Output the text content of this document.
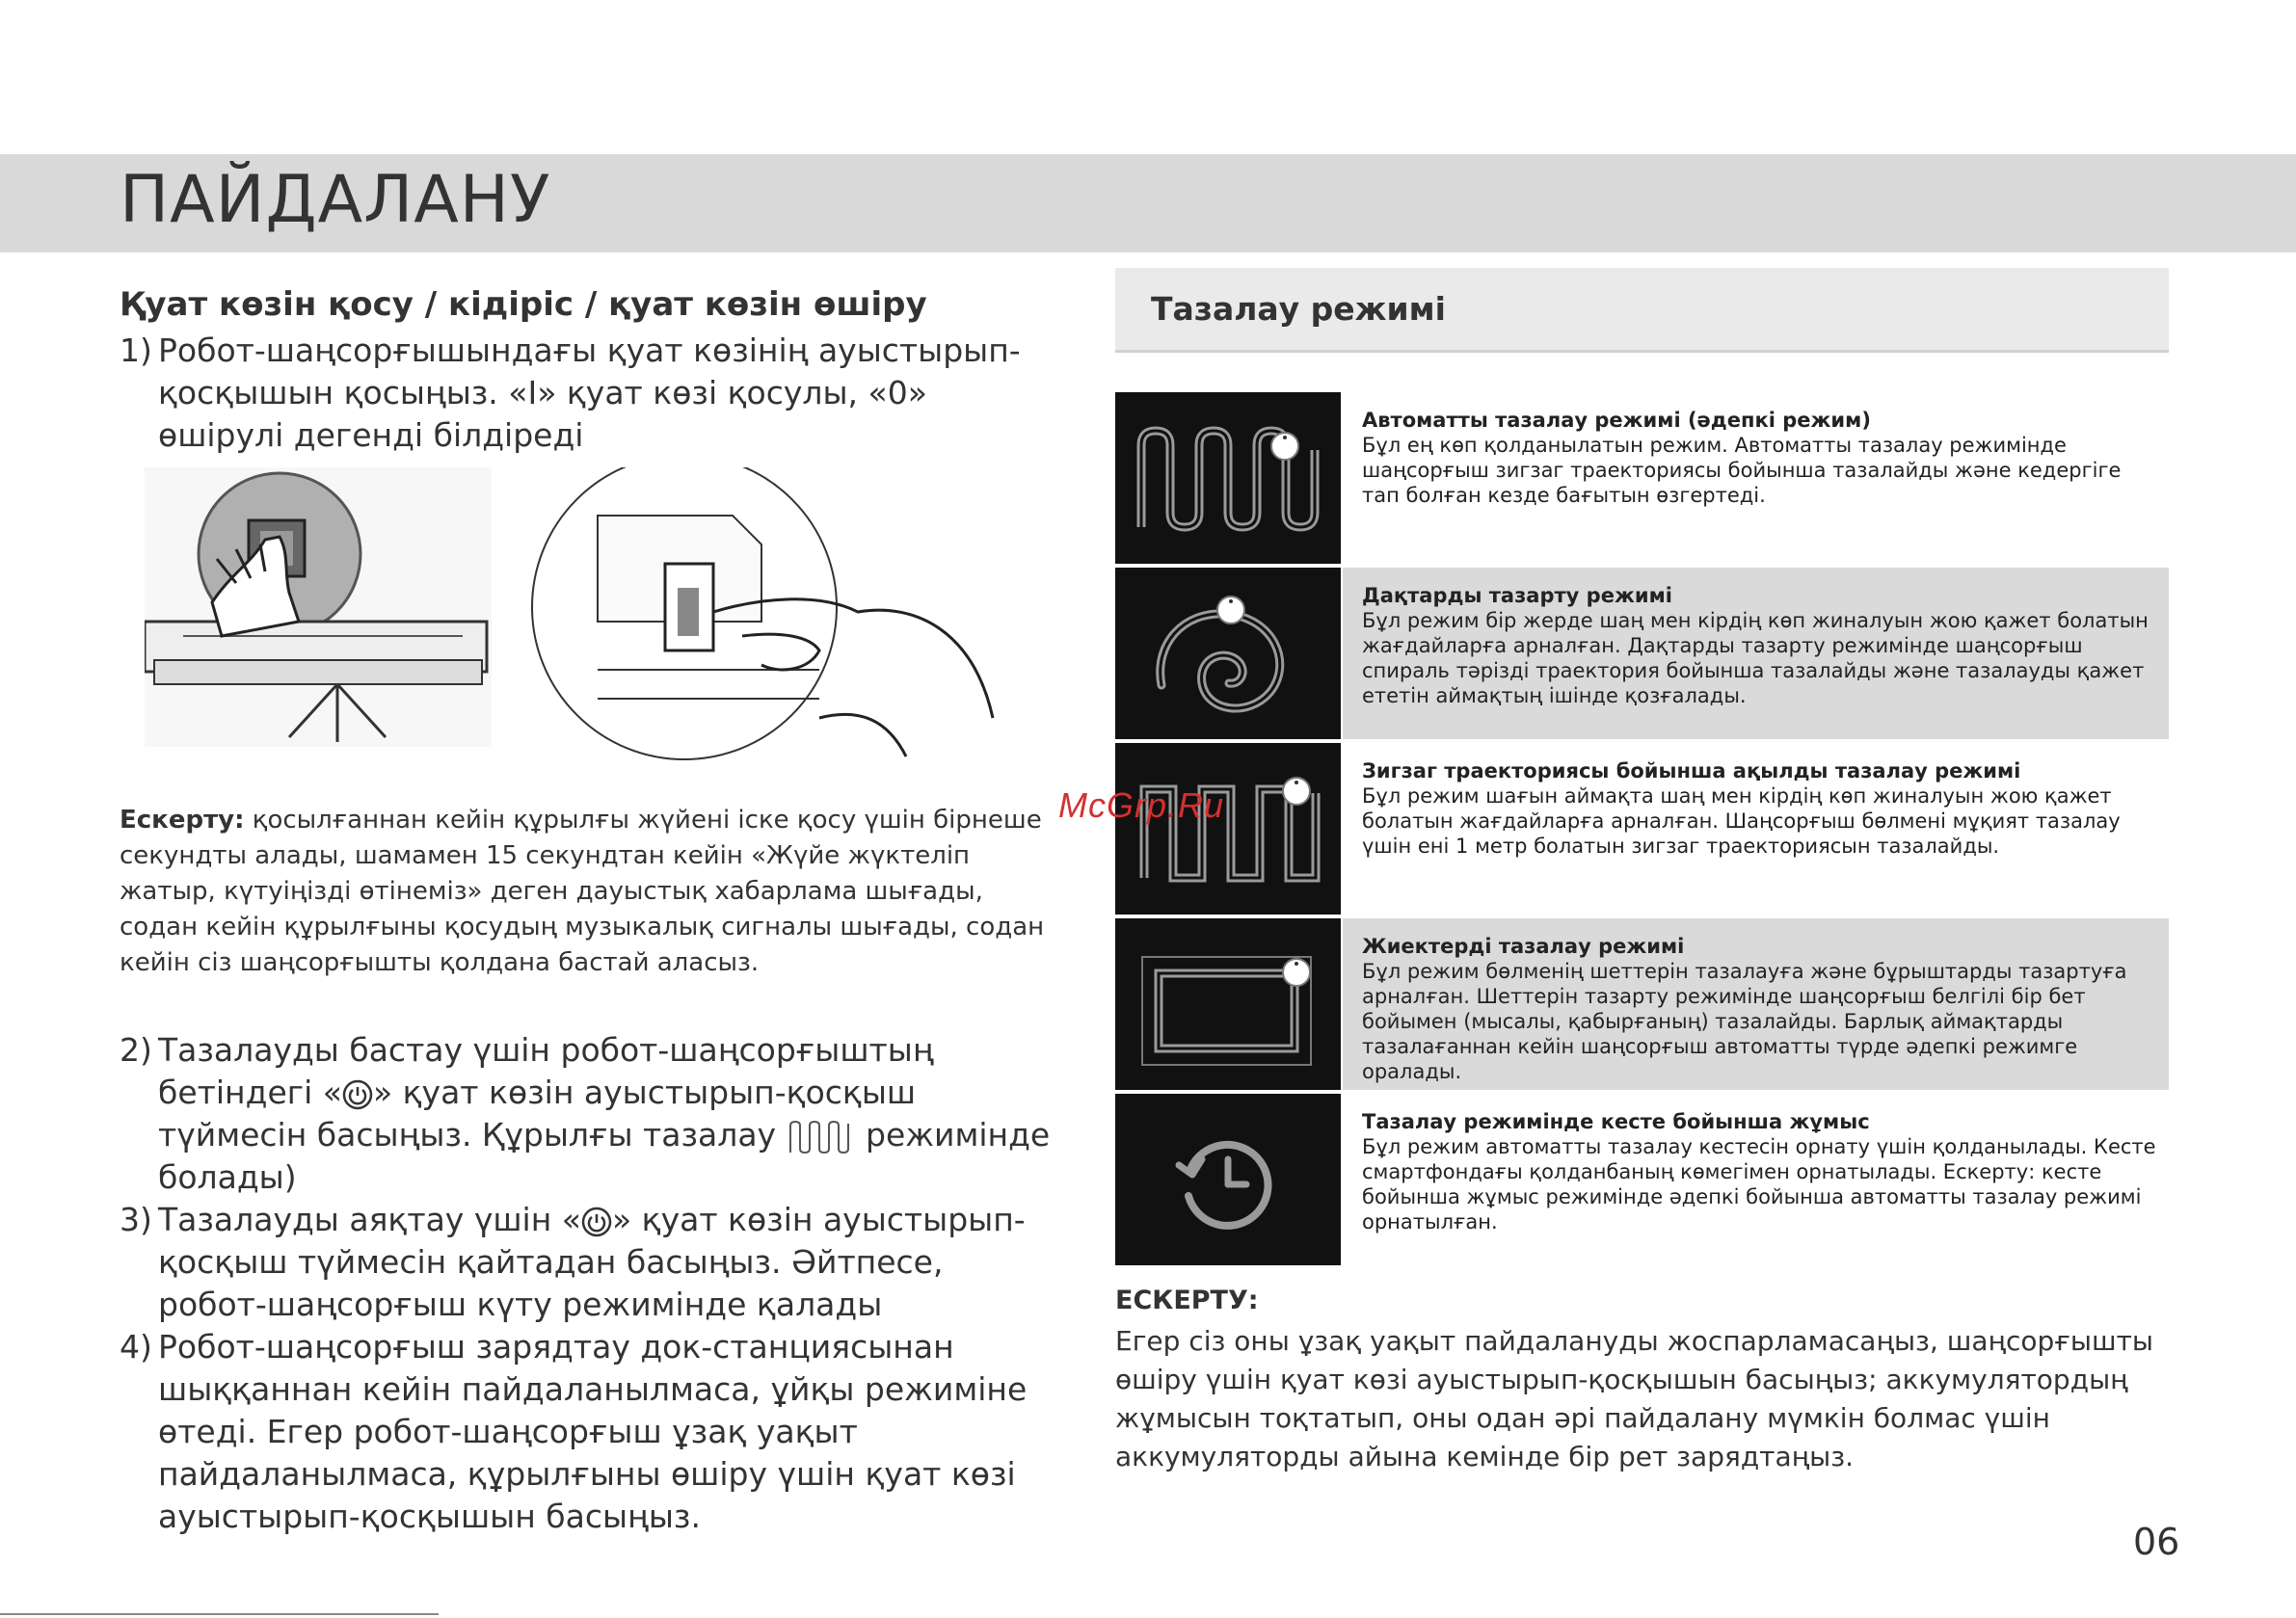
ПАЙДАЛАНУ
Қуат көзін қосу / кідіріс / қуат көзін өшіру
1) Робот-шаңсорғышындағы қуат көзінің ауыстырып-қосқышын қосыңыз. «I» қуат көзі қосулы, «0» өшірулі дегенді білдіреді
Ескерту: қосылғаннан кейін құрылғы жүйені іске қосу үшін бірнеше секундты алады, шамамен 15 секундтан кейін «Жүйе жүктеліп жатыр, күтуіңізді өтінеміз» деген дауыстық хабарлама шығады, содан кейін құрылғыны қосудың музыкалық сигналы шығады, содан кейін сіз шаңсорғышты қолдана бастай аласыз.
2) Тазалауды бастау үшін робот-шаңсорғыштың бетіндегі « » қуат көзін ауыстырып-қосқыш түймесін басыңыз. Құрылғы тазалау  режимінде болады)
3) Тазалауды аяқтау үшін « » қуат көзін ауыстырып-қосқыш түймесін қайтадан басыңыз. Әйтпесе, робот-шаңсорғыш күту режимінде қалады
4) Робот-шаңсорғыш зарядтау док-станциясынан шыққаннан кейін пайдаланылмаса, ұйқы режиміне өтеді. Егер робот-шаңсорғыш ұзақ уақыт пайдаланылмаса, құрылғыны өшіру үшін қуат көзі ауыстырып-қосқышын басыңыз.
Тазалау режимі
Автоматты тазалау режимі (әдепкі режим)
Бұл ең көп қолданылатын режим. Автоматты тазалау режимінде шаңсорғыш зигзаг траекториясы бойынша тазалайды және кедергіге тап болған кезде бағытын өзгертеді.
Дақтарды тазарту режимі
Бұл режим бір жерде шаң мен кірдің көп жиналуын жою қажет болатын жағдайларға арналған. Дақтарды тазарту режимінде шаңсорғыш спираль тәрізді траектория бойынша тазалайды және тазалауды қажет ететін аймақтың ішінде қозғалады.
Зигзаг траекториясы бойынша ақылды тазалау режимі
Бұл режим шағын аймақта шаң мен кірдің көп жиналуын жою қажет болатын жағдайларға арналған. Шаңсорғыш бөлмені мұқият тазалау үшін ені 1 метр болатын зигзаг траекториясын тазалайды.
Жиектерді тазалау режимі
Бұл режим бөлменің шеттерін тазалауға және бұрыштарды тазартуға арналған. Шеттерін тазарту режимінде шаңсорғыш белгілі бір бет бойымен (мысалы, қабырғаның) тазалайды. Барлық аймақтарды тазалағаннан кейін шаңсорғыш автоматты түрде әдепкі режимге оралады.
Тазалау режимінде кесте бойынша жұмыс
Бұл режим автоматты тазалау кестесін орнату үшін қолданылады. Кесте смартфондағы қолданбаның көмегімен орнатылады. Ескерту: кесте бойынша жұмыс режимінде әдепкі бойынша автоматты тазалау режимі орнатылған.
ЕСКЕРТУ:
Егер сіз оны ұзақ уақыт пайдалануды жоспарламасаңыз, шаңсорғышты өшіру үшін қуат көзі ауыстырып-қосқышын басыңыз; аккумулятордың жұмысын тоқтатып, оны одан әрі пайдалану мүмкін болмас үшін аккумуляторды айына кемінде бір рет зарядтаңыз.
McGrp.Ru
06
